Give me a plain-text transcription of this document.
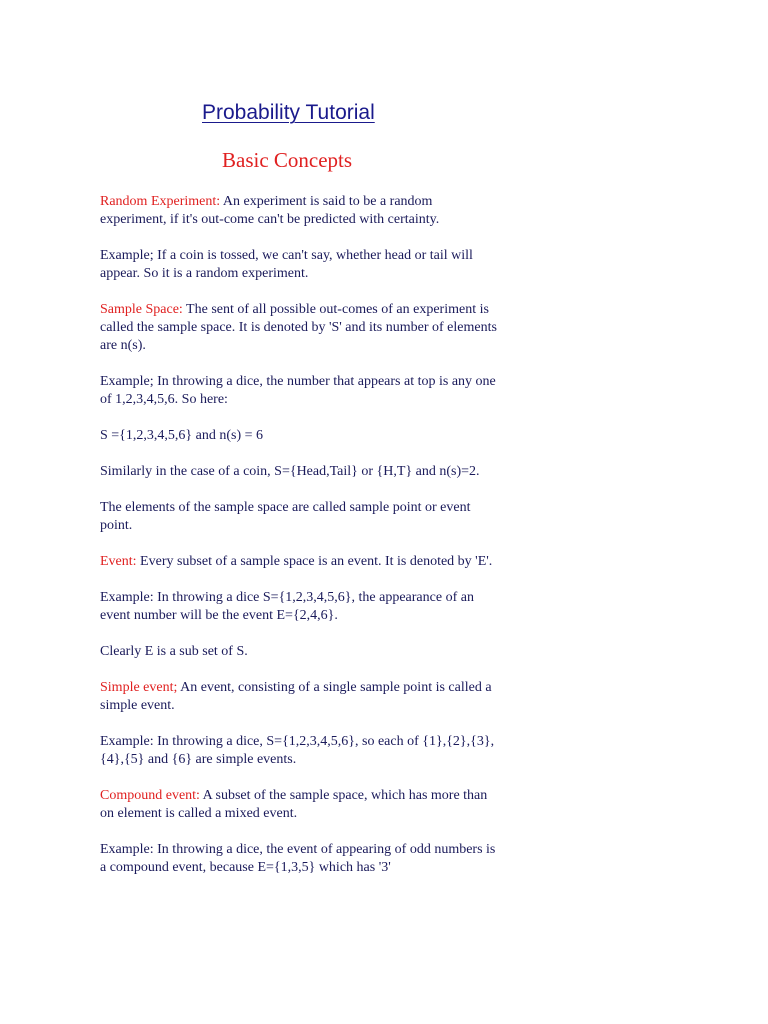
Probability Tutorial
Basic Concepts

Random Experiment: An experiment is said to be a random experiment, if it's out-come can't be predicted with certainty.

Example; If a coin is tossed, we can't say, whether head or tail will appear. So it is a random experiment.

Sample Space: The sent of all possible out-comes of an experiment is called the sample space. It is denoted by 'S' and its number of elements are n(s).

Example; In throwing a dice, the number that appears at top is any one of 1,2,3,4,5,6. So here:

S ={1,2,3,4,5,6} and n(s) = 6

Similarly in the case of a coin, S={Head,Tail} or {H,T} and n(s)=2.

The elements of the sample space are called sample point or event point.

Event: Every subset of a sample space is an event. It is denoted by 'E'.

Example: In throwing a dice S={1,2,3,4,5,6}, the appearance of an event number will be the event E={2,4,6}.

Clearly E is a sub set of S.

Simple event; An event, consisting of a single sample point is called a simple event.

Example: In throwing a dice, S={1,2,3,4,5,6}, so each of {1},{2},{3},{4},{5} and {6} are simple events.

Compound event: A subset of the sample space, which has more than on element is called a mixed event.

Example: In throwing a dice, the event of appearing of odd numbers is a compound event, because E={1,3,5} which has '3'
